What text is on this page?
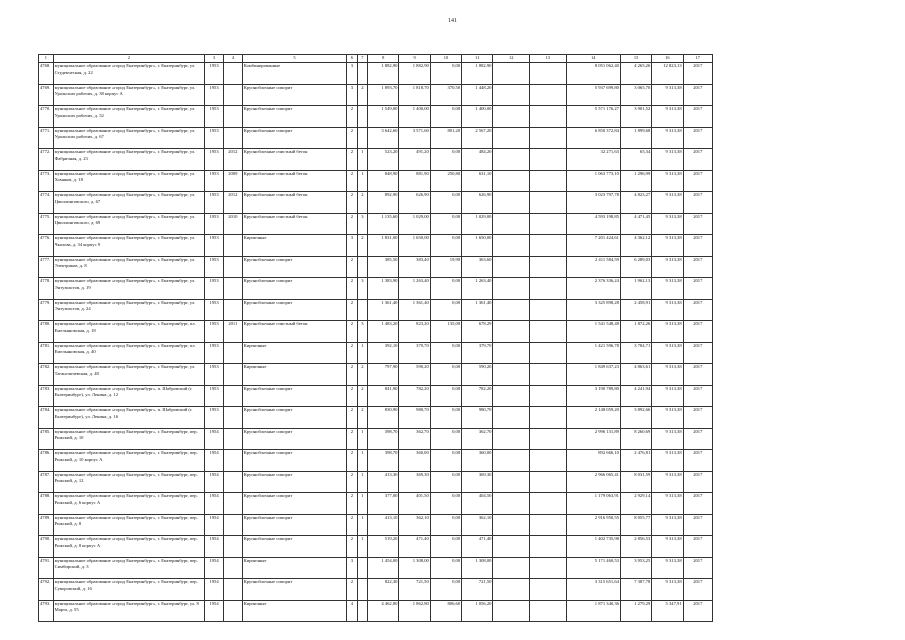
141
1	2	3	4	5	6	7	8	9	10	11	12	13	14	15	16	17
4768.	муниципальное образование «город Екатеринбург», г. Екатеринбург, ул. Студенческая, д. 22	1953		Комбинированные	3		1 882,90	1 882,90	0,00	1 882,90			8 051 062,40	4 265,26	12 823,13	2017
4769.	муниципальное образование «город Екатеринбург», г. Екатеринбург, ул. Уральских рабочих, д. 38 корпус А	1953		Крупноблочные сипорит	3	2	1 893,70	1 818,70	370,50	1 448,20			5 937 699,80	3 065,70	9 313,38	2017
4770.	муниципальное образование «город Екатеринбург», г. Екатеринбург, ул. Уральских рабочих, д. 52	1953		Крупноблочные сипорит	2		1 549,00	1 400,00	0,00	1 400,00			5 571 176,27	3 901,52	9 313,38	2017
4771.	муниципальное образование «город Екатеринбург», г. Екатеринбург, ул. Уральских рабочих, д. 67	1953		Крупноблочные сипорит	2		3 642,60	3 571,60	801,20	2 567,20			6 850 372,84	1 899,68	9 313,38	2017
4772.	муниципальное образование «город Екатеринбург», г. Екатеринбург, ул. Фабричная, д. 23	1953	2012	Крупноблочные очистный бетон	2	1	523,20	491,20	0,00	484,20			32 271,63	65,34	9 313,38	2017
4773.	муниципальное образование «город Екатеринбург», г. Екатеринбург, ул. Хомяков, д. 18	1953	2009	Крупноблочные очистный бетон	2	1	848,90	881,90	250,80	631,10			1 063 773,10	1 296,99	9 313,38	2017
4774.	муниципальное образование «город Екатеринбург», г. Екатеринбург, ул. Цвиллинговского, д. 67	1953	2012	Крупноблочные очистный бетон	2	2	892,90	626,90	0,00	626,90			3 023 797,78	4 823,27	9 313,38	2017
4775.	муниципальное образование «город Екатеринбург», г. Екатеринбург, ул. Цвиллинговского, д. 69	1953	2010	Крупноблочные очистный бетон	2	3	1 135,60	1 029,00	0,00	1 029,00			4 593 198,85	4 471,45	9 313,38	2017
4776.	муниципальное образование «город Екатеринбург», г. Екатеринбург, ул. Чкалова, д. 34 корпус 9	1953		Кирпичные	3	2	1 831,00	1 650,00	0,00	1 650,00			7 201 424,61	4 362,12	9 313,38	2017
4777.	муниципальное образование «город Екатеринбург», г. Екатеринбург, ул. Электриков, д. 8	1953		Крупноблочные сипорит	2		385,50	383,40	19,90	363,60			2 411 584,59	6 289,03	9 313,38	2017
4778.	муниципальное образование «город Екатеринбург», г. Екатеринбург, ул. Энтузиастов, д. 19	1953		Крупноблочные сипорит	2	3	1 383,90	1 263,40	0,00	1 263,40			2 376 336,24	1 962,13	9 313,38	2017
4779.	муниципальное образование «город Екатеринбург», г. Екатеринбург, ул. Энтузиастов, д. 24	1953		Крупноблочные сипорит	2		1 361,40	1 361,40	0,00	1 361,40			3 325 898,28	2 458,91	9 313,38	2017
4780.	муниципальное образование «город Екатеринбург», г. Екатеринбург, пл. Емельяновская, д. 18	1953	2011	Крупноблочные очистный бетон	2	3	1 483,20	823,20	135,00	678,29			1 541 548,48	1 872,26	9 313,38	2017
4781.	муниципальное образование «город Екатеринбург», г. Екатеринбург, пл. Емельяновская, д. 40	1953		Кирпичные	2	1	392,10	379,70	0,00	379,70			1 421 596,78	3 784,71	9 313,38	2017
4782.	муниципальное образование «город Екатеринбург», г. Екатеринбург, ул. Тагансчичевская, д. 48	1953		Кирпичные	2	2	797,90	590,20	0,00	590,20			1 849 637,23	4 863,61	9 313,38	2017
4783.	муниципальное образование «город Екатеринбург», п. Шабровский (г. Екатеринбург), ул. Ленина, д. 12	1953		Крупноблочные сипорит	2	2	841,90	782,20	0,00	782,20			3 190 789,80	4 241,94	9 313,38	2017
4784.	муниципальное образование «город Екатеринбург», п. Шабровский (г. Екатеринбург), ул. Ленина, д. 16	1953		Крупноблочные сипорит	2	2	830,90	980,70	0,00	980,70			2 148 059,20	3 892,66	9 313,38	2017
4785.	муниципальное образование «город Екатеринбург», г. Екатеринбург, пер. Рижский, д. 10	1954		Крупноблочные сипорит	2	1	398,70	362,70	0,00	362,70			2 996 131,89	8 260,69	9 313,38	2017
4786.	муниципальное образование «город Екатеринбург», г. Екатеринбург, пер. Рижский, д. 10 корпус А	1954		Крупноблочные сипорит	2	1	398,70	360,00	0,00	360,00			892 666,10	2 476,81	9 313,38	2017
4787.	муниципальное образование «город Екатеринбург», г. Екатеринбург, пер. Рижский, д. 12	1954		Крупноблочные сипорит	2	1	413,30	369,30	0,00	369,30			2 966 065,41	8 031,59	9 313,38	2017
4788.	муниципальное образование «город Екатеринбург», г. Екатеринбург, пер. Рижский, д. 6 корпус А	1954		Крупноблочные сипорит	2	1	377,00	401,50	0,00	404,50			1 179 063,91	2 929,14	9 313,38	2017
4789.	муниципальное образование «город Екатеринбург», г. Екатеринбург, пер. Рижский, д. 8	1954		Крупноблочные сипорит	2	1	413,10	362,10	0,00	362,10			2 916 950,55	8 055,77	9 313,38	2017
4790.	муниципальное образование «город Екатеринбург», г. Екатеринбург, пер. Рижский, д. 8 корпус А	1954		Крупноблочные сипорит	2	1	519,20	471,40	0,00	471,40			1 402 735,98	2 856,53	9 313,38	2017
4791.	муниципальное образование «город Екатеринбург», г. Екатеринбург, пер. Симбирский, д. 3	1954		Кирпичные	3		1 454,00	1 308,00	0,00	1 308,00			5 171 460,53	3 953,25	9 313,38	2017
4792.	муниципальное образование «город Екатеринбург», г. Екатеринбург, пер. Суворовский, д. 16	1954		Крупноблочные сипорит	2		822,30	721,50	0,00	721,50			3 315 651,64	7 387,78	9 313,38	2017
4793.	муниципальное образование «город Екатеринбург», г. Екатеринбург, ул. 8 Марта, д. 55	1954		Кирпичные	4		4 462,80	1 862,80	806,60	1 056,20			1 871 340,36	1 279,29	5 347,91	2017
